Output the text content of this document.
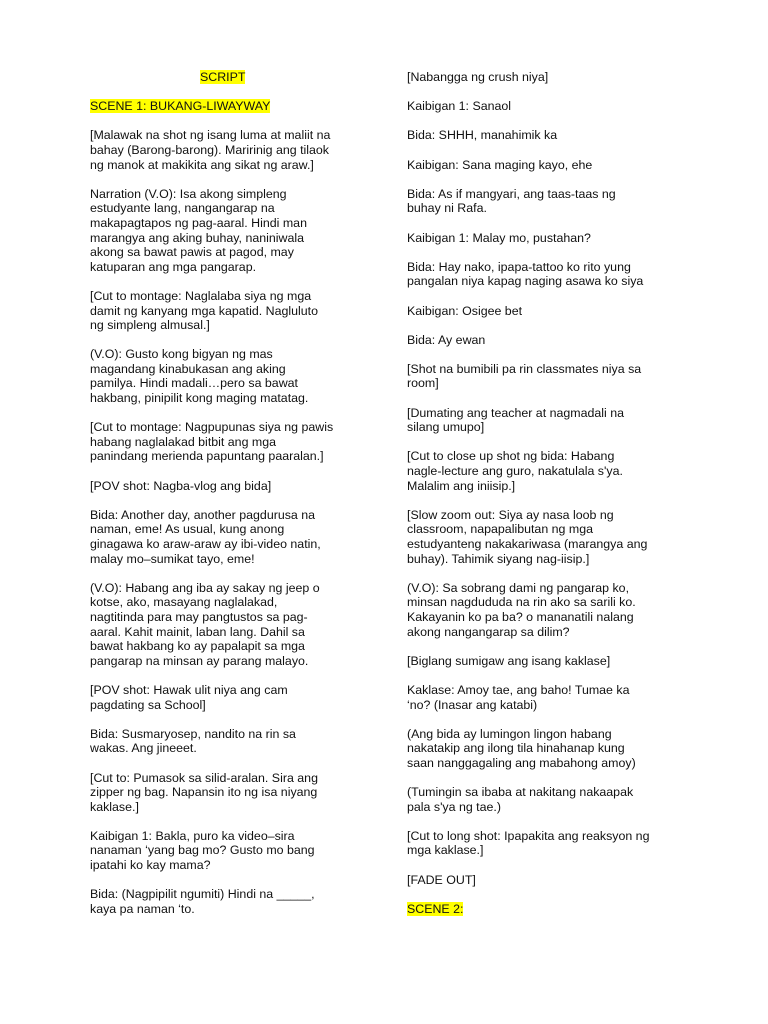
SCRIPT
SCENE 1: BUKANG-LIWAYWAY
[Malawak na shot ng isang luma at maliit na
bahay (Barong-barong). Maririnig ang tilaok
ng manok at makikita ang sikat ng araw.]
Narration (V.O): Isa akong simpleng
estudyante lang, nangangarap na
makapagtapos ng pag-aaral. Hindi man
marangya ang aking buhay, naniniwala
akong sa bawat pawis at pagod, may
katuparan ang mga pangarap.
[Cut to montage: Naglalaba siya ng mga
damit ng kanyang mga kapatid. Nagluluto
ng simpleng almusal.]
(V.O): Gusto kong bigyan ng mas
magandang kinabukasan ang aking
pamilya. Hindi madali…pero sa bawat
hakbang, pinipilit kong maging matatag.
[Cut to montage: Nagpupunas siya ng pawis
habang naglalakad bitbit ang mga
panindang merienda papuntang paaralan.]
[POV shot: Nagba-vlog ang bida]
Bida: Another day, another pagdurusa na
naman, eme! As usual, kung anong
ginagawa ko araw-araw ay ibi-video natin,
malay mo–sumikat tayo, eme!
(V.O): Habang ang iba ay sakay ng jeep o
kotse, ako, masayang naglalakad,
nagtitinda para may pangtustos sa pag-
aaral. Kahit mainit, laban lang. Dahil sa
bawat hakbang ko ay papalapit sa mga
pangarap na minsan ay parang malayo.
[POV shot: Hawak ulit niya ang cam
pagdating sa School]
Bida: Susmaryosep, nandito na rin sa
wakas. Ang jineeet.
[Cut to: Pumasok sa silid-aralan. Sira ang
zipper ng bag. Napansin ito ng isa niyang
kaklase.]
Kaibigan 1: Bakla, puro ka video–sira
nanaman ‘yang bag mo? Gusto mo bang
ipatahi ko kay mama?
Bida: (Nagpipilit ngumiti) Hindi na _____,
kaya pa naman ‘to.
[Nabangga ng crush niya]
Kaibigan 1: Sanaol
Bida: SHHH, manahimik ka
Kaibigan: Sana maging kayo, ehe
Bida: As if mangyari, ang taas-taas ng
buhay ni Rafa.
Kaibigan 1: Malay mo, pustahan?
Bida: Hay nako, ipapa-tattoo ko rito yung
pangalan niya kapag naging asawa ko siya
Kaibigan: Osigee bet
Bida: Ay ewan
[Shot na bumibili pa rin classmates niya sa
room]
[Dumating ang teacher at nagmadali na
silang umupo]
[Cut to close up shot ng bida: Habang
nagle-lecture ang guro, nakatulala s'ya.
Malalim ang iniisip.]
[Slow zoom out: Siya ay nasa loob ng
classroom, napapalibutan ng mga
estudyanteng nakakariwasa (marangya ang
buhay). Tahimik siyang nag-iisip.]
(V.O): Sa sobrang dami ng pangarap ko,
minsan nagdududa na rin ako sa sarili ko.
Kakayanin ko pa ba? o mananatili nalang
akong nangangarap sa dilim?
[Biglang sumigaw ang isang kaklase]
Kaklase: Amoy tae, ang baho! Tumae ka
‘no? (Inasar ang katabi)
(Ang bida ay lumingon lingon habang
nakatakip ang ilong tila hinahanap kung
saan nanggagaling ang mabahong amoy)
(Tumingin sa ibaba at nakitang nakaapak
pala s'ya ng tae.)
[Cut to long shot: Ipapakita ang reaksyon ng
mga kaklase.]
[FADE OUT]
SCENE 2:
